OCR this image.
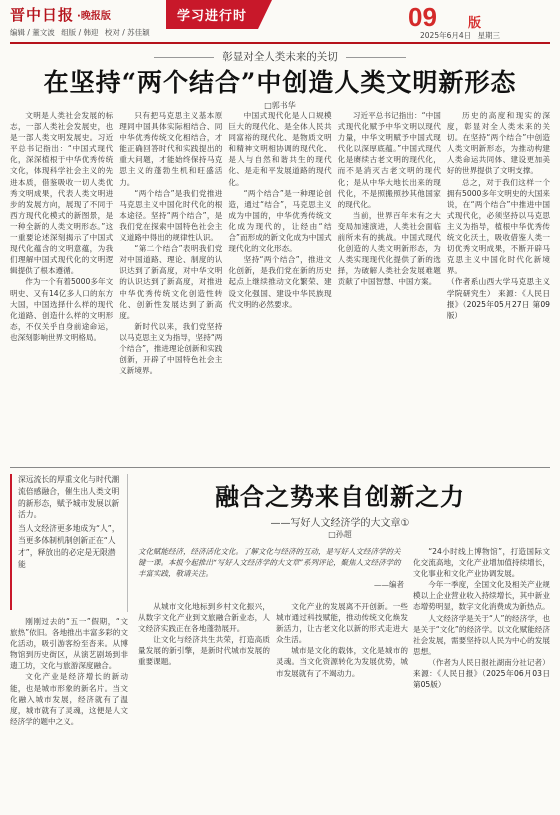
晋中日报 ·晚报版
编辑 / 董文波 组版 / 韩迎 校对 / 苏佳颖
学习进行时	09 版
2025年6月4日 星期三
彰显对全人类未来的关切
在坚持“两个结合”中创造人类文明新形态
□郭书华

文明是人类社会发展的标志，一部人类社会发展史，也是一部人类文明发展史。习近平总书记指出：“中国式现代化，深深植根于中华优秀传统文化，体现科学社会主义的先进本质，借鉴吸收一切人类优秀文明成果，代表人类文明进步的发展方向，展现了不同于西方现代化模式的新图景，是一种全新的人类文明形态。”这一重要论述深刻揭示了中国式现代化蕴含的文明意蕴，为我们理解中国式现代化的文明逻辑提供了根本遵循。

作为一个有着5000多年文明史、又有14亿多人口的东方大国，中国选择什么样的现代化道路、创造什么样的文明形态，不仅关乎自身前途命运，也深刻影响世界文明格局。

只有把马克思主义基本原理同中国具体实际相结合、同中华优秀传统文化相结合，才能正确回答时代和实践提出的重大问题，才能始终保持马克思主义的蓬勃生机和旺盛活力。

“两个结合”是我们党推进马克思主义中国化时代化的根本途径。坚持“两个结合”，是我们党在探索中国特色社会主义道路中得出的规律性认识。

“第二个结合”表明我们党对中国道路、理论、制度的认识达到了新高度，对中华文明的认识达到了新高度，对推进中华优秀传统文化创造性转化、创新性发展达到了新高度。

新时代以来，我们党坚持以马克思主义为指导，坚持“两个结合”，推进理论创新和实践创新，开辟了中国特色社会主义新境界。

中国式现代化是人口规模巨大的现代化、是全体人民共同富裕的现代化、是物质文明和精神文明相协调的现代化、是人与自然和谐共生的现代化、是走和平发展道路的现代化。

“两个结合”是一种理论创造，通过“结合”，马克思主义成为中国的，中华优秀传统文化成为现代的，让经由“结合”而形成的新文化成为中国式现代化的文化形态。

坚持“两个结合”，推进文化创新，是我们党在新的历史起点上继续推动文化繁荣、建设文化强国、建设中华民族现代文明的必然要求。

习近平总书记指出：“中国式现代化赋予中华文明以现代力量，中华文明赋予中国式现代化以深厚底蕴。”中国式现代化是赓续古老文明的现代化，而不是消灭古老文明的现代化；是从中华大地长出来的现代化，不是照搬照抄其他国家的现代化。

当前，世界百年未有之大变局加速演进，人类社会面临前所未有的挑战。中国式现代化创造的人类文明新形态，为人类实现现代化提供了新的选择，为破解人类社会发展难题贡献了中国智慧、中国方案。

历史的高度和现实的深度，彰显对全人类未来的关切。在坚持“两个结合”中创造人类文明新形态，为推动构建人类命运共同体、建设更加美好的世界提供了文明支撑。

总之，对于我们这样一个拥有5000多年文明史的大国来说，在“两个结合”中推进中国式现代化，必须坚持以马克思主义为指导，植根中华优秀传统文化沃土，吸收借鉴人类一切优秀文明成果，不断开辟马克思主义中国化时代化新境界。

（作者系山西大学马克思主义学院研究生） 来源：《人民日报》（2025年05月27日 第09版）

深远流长的厚重文化与时代潮流倍感融合，催生出人类文明的新形态，赋予城市发展以新活力。

当人文经济更多地成为“人”，当更多体制机制创新正在“人才”，释放出的必定是无限潜能

融合之势来自创新之力
——写好人文经济学的大文章①
□孙超
文化赋能经济，经济活化文化。了解文化与经济的互动，是写好人文经济学的关键一课。本报今起推出“写好人文经济学的大文章”系列评论，聚焦人文经济学的丰富实践，敬请关注。
——编者

刚刚过去的“五一”假期，“文旅热”依旧。各地推出丰富多彩的文化活动，吸引游客纷至沓来。从博物馆到历史街区，从演艺剧场到非遗工坊，文化与旅游深度融合。

文化产业是经济增长的新动能，也是城市形象的新名片。当文化融入城市发展，经济就有了温度，城市就有了灵魂，这便是人文经济学的题中之义。

从城市文化地标到乡村文化振兴，从数字文化产业到文旅融合新业态，人文经济实践正在各地蓬勃展开。

让文化与经济共生共荣，打造高质量发展的新引擎，是新时代城市发展的重要课题。

文化产业的发展离不开创新。一些城市通过科技赋能，推动传统文化焕发新活力，让古老文化以新的形式走进大众生活。

城市是文化的载体，文化是城市的灵魂。当文化资源转化为发展优势，城市发展就有了不竭动力。

“24小时线上博物馆”，打造国际文化交流高地，文化产业增加值持续增长，文化事业和文化产业协调发展。

今年一季度，全国文化及相关产业规模以上企业营业收入持续增长，其中新业态增势明显，数字文化消费成为新热点。

人文经济学是关于“人”的经济学，也是关于“文化”的经济学。以文化赋能经济社会发展，需要坚持以人民为中心的发展思想。

（作者为人民日报社湖南分社记者）

来源：《人民日报》（2025年06月03日 第05版）
